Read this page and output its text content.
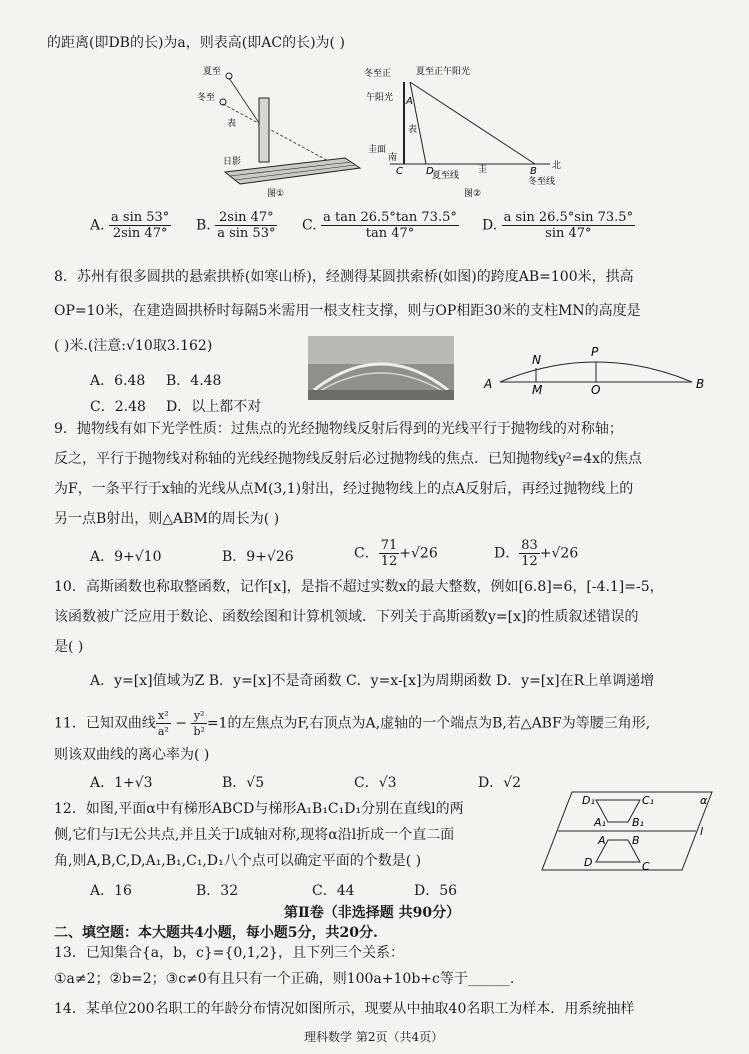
的距离(即DB的长)为a，则表高(即AC的长)为( )
夏至
冬至
表
日影
图①
冬至正	夏至正午阳光
午阳光 A
表
圭面
南
C D
夏至线
圭	B 北
冬至线
图②
A. $\frac{\text{a sin 53°}}{2\sin 47^\circ} B$. $\frac{2\sin 47^\circ}{\text{a sin 53°}} C$. $\frac{\text{a tan 26.5°tan 73.5°}}{\tan 47^\circ} D$. $\frac{\text{a sin 26.5°sin 73.5°}}{\sin 47^\circ}$
8．苏州有很多圆拱的悬索拱桥(如寒山桥)，经测得某圆拱索桥(如图)的跨度AB=100米，拱高
OP=10米，在建造圆拱桥时每隔5米需用一根支柱支撑，则与OP相距30米的支柱MN的高度是
( )米.(注意:√10取3.162)
A．6.48 B．4.48
C．2.48 D．以上都不对
A	B
N
M
P
O
9．抛物线有如下光学性质：过焦点的光经抛物线反射后得到的光线平行于抛物线的对称轴；
反之，平行于抛物线对称轴的光线经抛物线反射后必过抛物线的焦点．已知抛物线y²=4x的焦点
为F，一条平行于x轴的光线从点M(3,1)射出，经过抛物线上的点A反射后，再经过抛物线上的
另一点B射出，则△ABM的周长为( )
A．9+√10	B．9+√26	C． $\frac{71}{12} +√26$	D． $\frac{83}{12} +√26$
10．高斯函数也称取整函数，记作[x]，是指不超过实数x的最大整数，例如[6.8]=6，[-4.1]=-5，
该函数被广泛应用于数论、函数绘图和计算机领域．下列关于高斯函数y=[x]的性质叙述错误的
是( )
A．y=[x]值域为Z B．y=[x]不是奇函数 C．y=x-[x]为周期函数 D．y=[x]在R上单调递增
11．已知双曲线 $\frac{\text{x²}}{\text{a²}} - \frac{\text{y²}}{\text{b²}} =1$的左焦点为F,右顶点为A,虚轴的一个端点为B,若△ABF为等腰三角形,
则该双曲线的离心率为( )
A．1+√3	B．√5	C．√3	D．√2
12．如图,平面α中有梯形ABCD与梯形A₁B₁C₁D₁分别在直线l的两
侧,它们与l无公共点,并且关于l成轴对称,现将α沿l折成一个直二面
角,则A,B,C,D,A₁,B₁,C₁,D₁八个点可以确定平面的个数是( )
A．16	B．32	C．44	D．56
D₁	C₁
A₁ B₁
A B
D	C
α
l
第Ⅱ卷（非选择题 共90分）
二、填空题：本大题共4小题，每小题5分，共20分.
13．已知集合{a，b，c}={0,1,2}，且下列三个关系：
①a≠2；②b=2；③c≠0有且只有一个正确，则100a+10b+c等于______.
14．某单位200名职工的年龄分布情况如图所示，现要从中抽取40名职工为样本．用系统抽样
理科数学 第2页（共4页）
